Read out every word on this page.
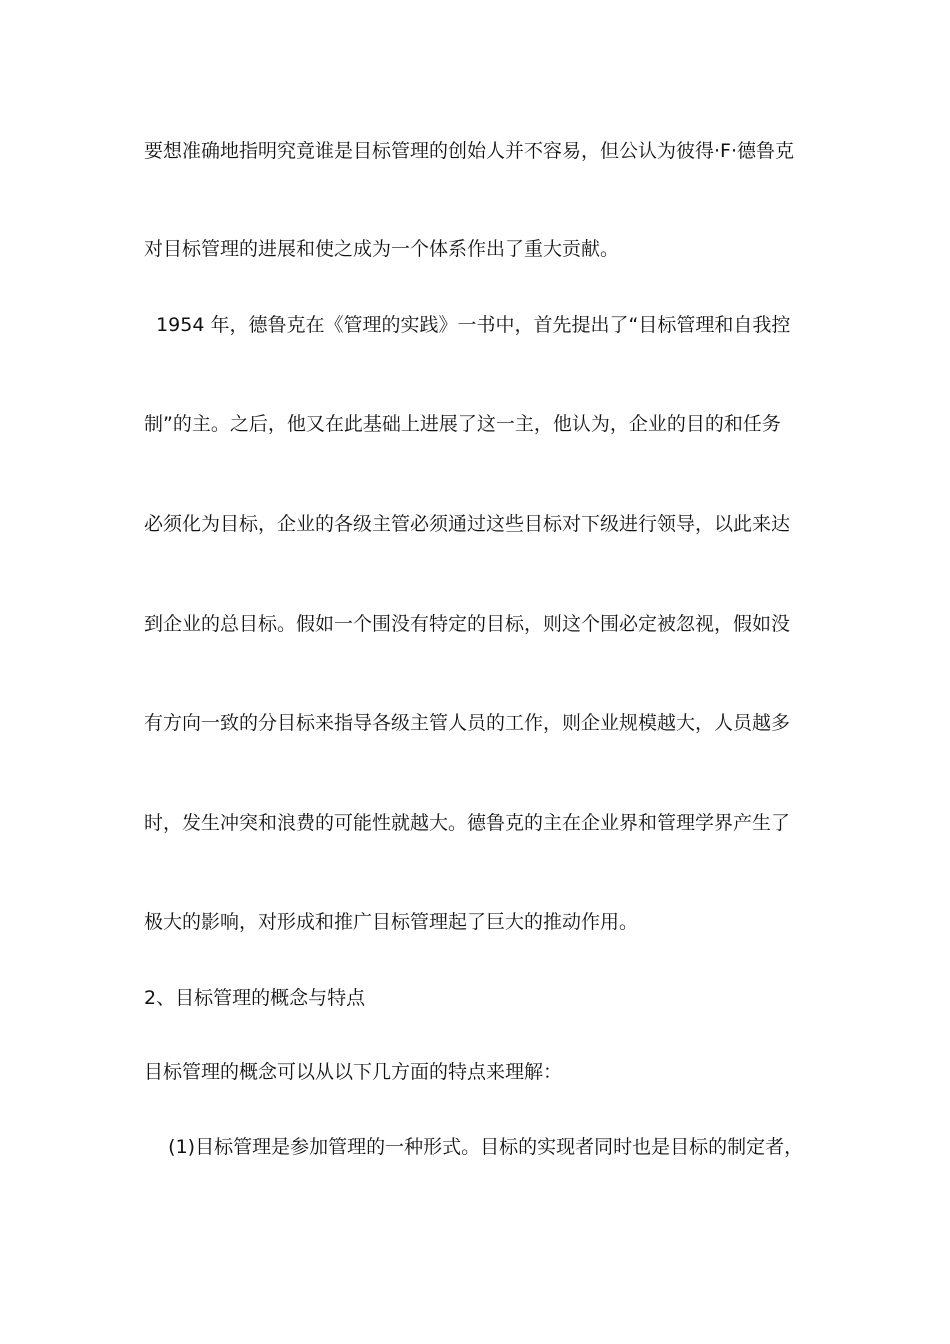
要想准确地指明究竟谁是目标管理的创始人并不容易，但公认为彼得·F·德鲁克
对目标管理的进展和使之成为一个体系作出了重大贡献。
1954 年，德鲁克在《管理的实践》一书中，首先提出了“目标管理和自我控
制”的主。之后，他又在此基础上进展了这一主，他认为，企业的目的和任务
必须化为目标，企业的各级主管必须通过这些目标对下级进行领导，以此来达
到企业的总目标。假如一个围没有特定的目标，则这个围必定被忽视，假如没
有方向一致的分目标来指导各级主管人员的工作，则企业规模越大，人员越多
时，发生冲突和浪费的可能性就越大。德鲁克的主在企业界和管理学界产生了
极大的影响，对形成和推广目标管理起了巨大的推动作用。
2、目标管理的概念与特点
目标管理的概念可以从以下几方面的特点来理解：
(1)目标管理是参加管理的一种形式。目标的实现者同时也是目标的制定者，
